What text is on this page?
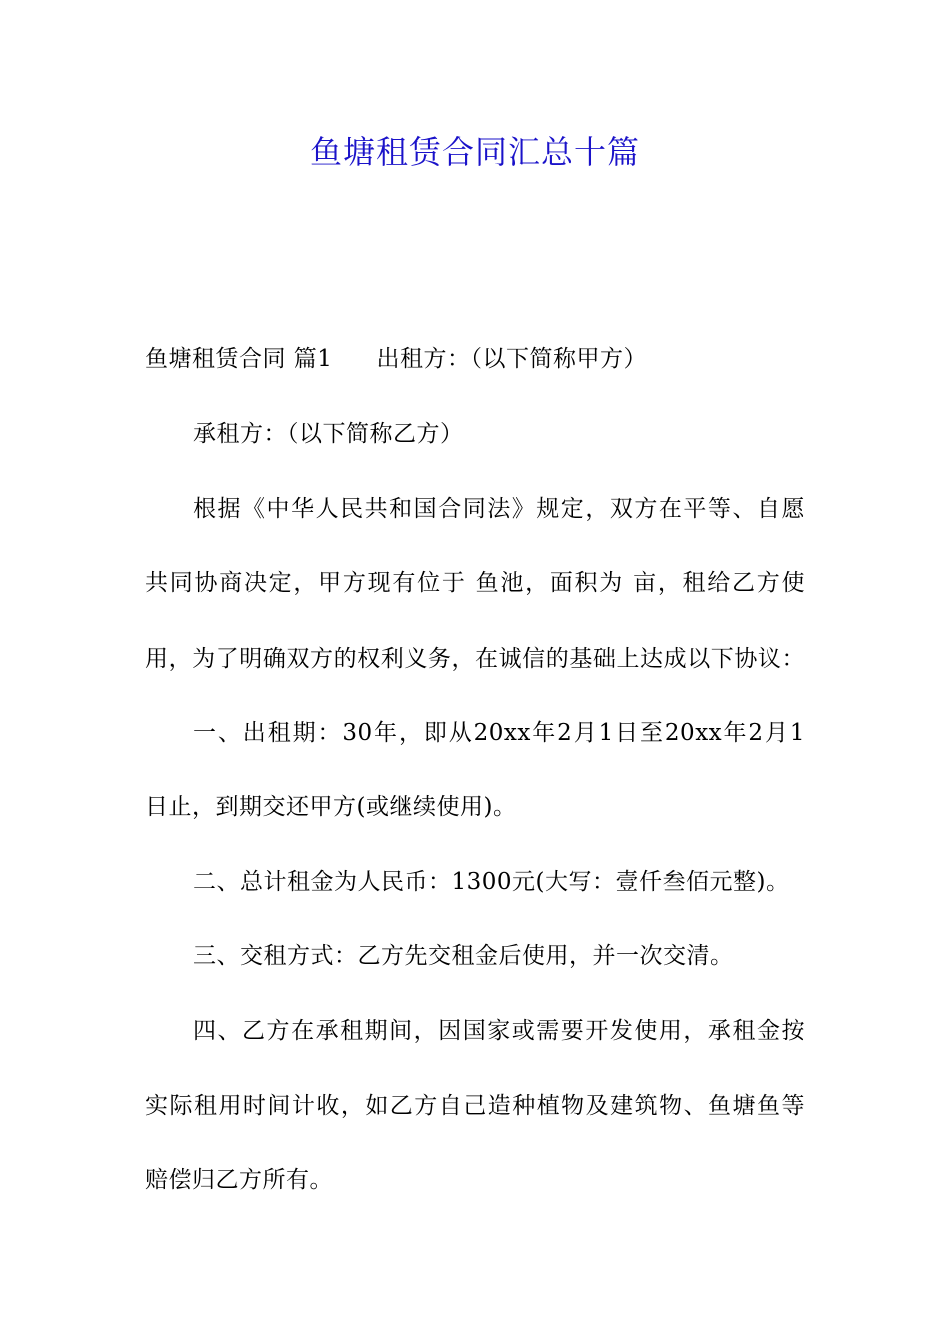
鱼塘租赁合同汇总十篇
鱼塘租赁合同 篇1 出租方：（以下简称甲方）
承租方：（以下简称乙方）
根据《中华人民共和国合同法》规定，双方在平等、自愿
共同协商决定，甲方现有位于 鱼池，面积为 亩，租给乙方使
用，为了明确双方的权利义务，在诚信的基础上达成以下协议：
一、出租期：30年，即从20xx年2月1日至20xx年2月1
日止，到期交还甲方(或继续使用)。
二、总计租金为人民币：1300元(大写：壹仟叁佰元整)。
三、交租方式：乙方先交租金后使用，并一次交清。
四、乙方在承租期间，因国家或需要开发使用，承租金按
实际租用时间计收，如乙方自己造种植物及建筑物、鱼塘鱼等
赔偿归乙方所有。
